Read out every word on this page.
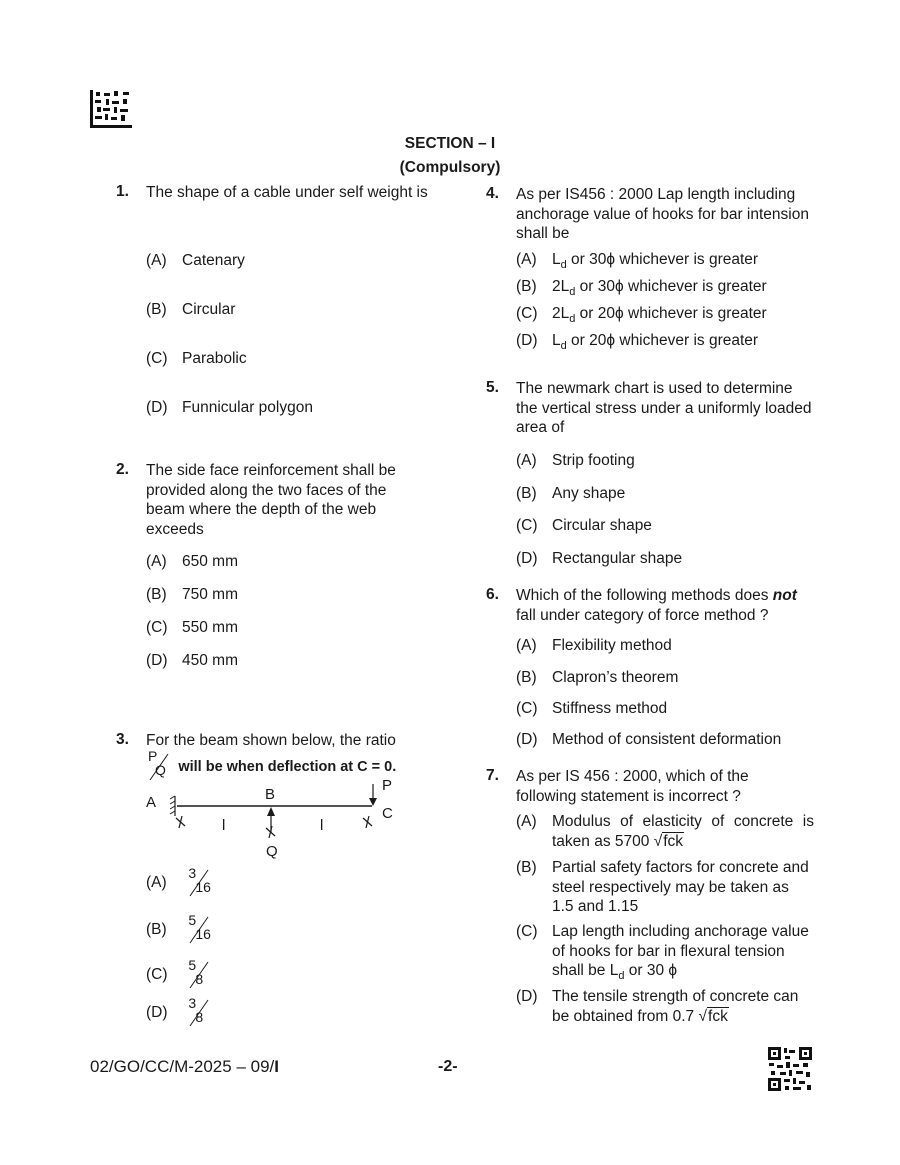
SECTION – I
(Compulsory)
1. The shape of a cable under self weight is
(A) Catenary
(B) Circular
(C) Parabolic
(D) Funnicular polygon
2. The side face reinforcement shall be provided along the two faces of the beam where the depth of the web exceeds
(A) 650 mm
(B) 750 mm
(C) 550 mm
(D) 450 mm
3. For the beam shown below, the ratio
P
Q will be when deflection at C = 0.
A	B
C
P
Q
l	l
(A)
3
16
(B)
5
16
(C)
5
8
(D)
3
8
4. As per IS456 : 2000 Lap length including anchorage value of hooks for bar intension shall be
(A) $L_d$ or 30ϕ whichever is greater
(B) $2L_d$ or 30ϕ whichever is greater
(C) $2L_d$ or 20ϕ whichever is greater
(D) $L_d$ or 20ϕ whichever is greater
5. The newmark chart is used to determine the vertical stress under a uniformly loaded area of
(A) Strip footing
(B) Any shape
(C) Circular shape
(D) Rectangular shape
6. Which of the following methods does not fall under category of force method ?
(A) Flexibility method
(B) Clapron’s theorem
(C) Stiffness method
(D) Method of consistent deformation
7. As per IS 456 : 2000, which of the following statement is incorrect ?
(A) Modulus of elasticity of concrete is taken as 5700 √fck
(B) Partial safety factors for concrete and steel respectively may be taken as 1.5 and 1.15
(C) Lap length including anchorage value of hooks for bar in flexural tension shall be $L_d$ or 30 ϕ
(D) The tensile strength of concrete can be obtained from 0.7 √fck
02/GO/CC/M-2025 – 09/I	-2-
